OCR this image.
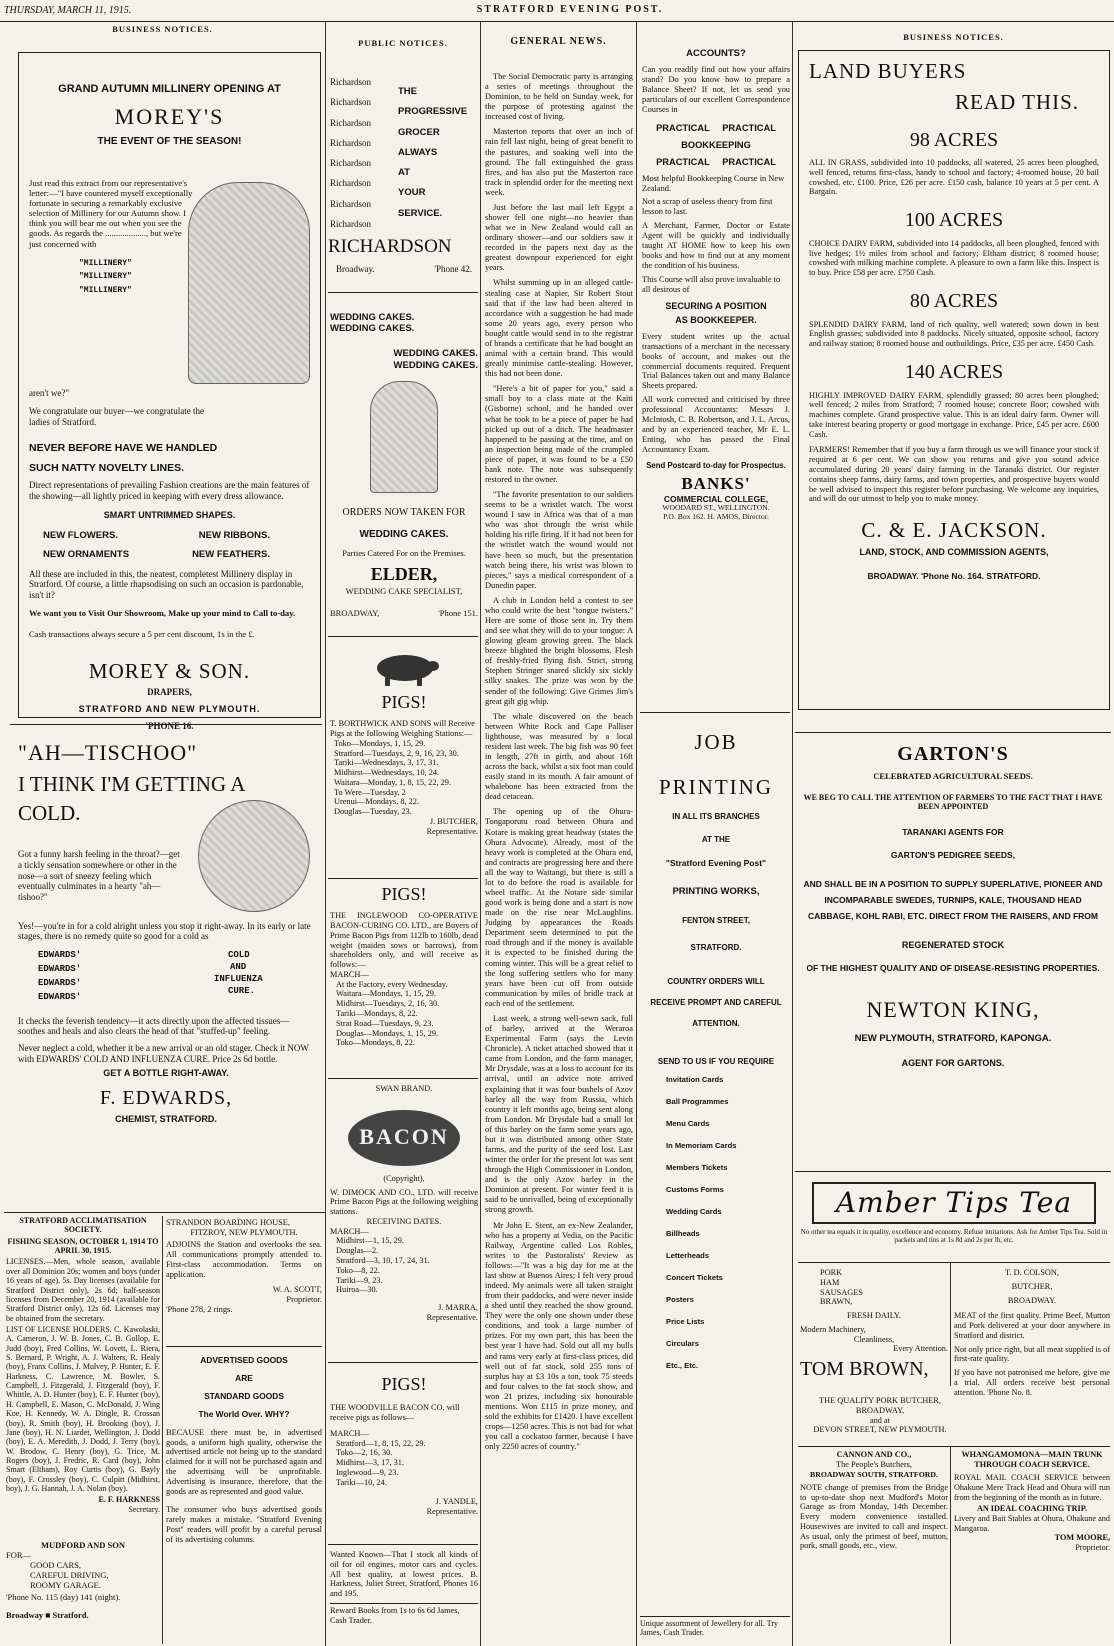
THURSDAY, MARCH 11, 1915.	STRATFORD EVENING POST.
BUSINESS NOTICES.
GRAND AUTUMN MILLINERY OPENING AT
MOREY'S
THE EVENT OF THE SEASON!
Just read this extract from our representative's letter:—"I have countered myself exceptionally fortunate in securing a remarkably exclusive selection of Millinery for our Autumn show. I think you will bear me out when you see the goods. As regards the ..................., but we're just concerned with
"MILLINERY"
"MILLINERY"
"MILLINERY"
aren't we?"
We congratulate our buyer—we congratulate the ladies of Stratford.
NEVER BEFORE HAVE WE HANDLED
SUCH NATTY NOVELTY LINES.
Direct representations of prevailing Fashion creations are the main features of the showing—all lightly priced in keeping with every dress allowance.
SMART UNTRIMMED SHAPES.
NEW FLOWERS.	NEW RIBBONS.
NEW ORNAMENTS	NEW FEATHERS.
All these are included in this, the neatest, completest Millinery display in Stratford. Of course, a little rhapsodising on such an occasion is pardonable, isn't it?
We want you to Visit Our Showroom, Make up your mind to Call to-day.
Cash transactions always secure a 5 per cent discount, 1s in the £.
MOREY & SON.
DRAPERS,
STRATFORD AND NEW PLYMOUTH.
'PHONE 16.
"AH—TISCHOO"
I THINK I'M GETTING A
COLD.
Got a funny harsh feeling in the throat?—get a tickly sensation somewhere or other in the nose—a sort of sneezy feeling which eventually culminates in a hearty "ah—tishoo?"
Yes!—you're in for a cold alright unless you stop it right-away. In its early or late stages, there is no remedy quite so good for a cold as
EDWARDS'
EDWARDS'
EDWARDS'
EDWARDS'
COLD
AND
INFLUENZA
CURE.
It checks the feverish tendency—it acts directly upon the affected tissues—soothes and heals and also clears the head of that "stuffed-up" feeling.
Never neglect a cold, whether it be a new arrival or an old stager. Check it NOW with EDWARDS' COLD AND INFLUENZA CURE. Price 2s 6d bottle.
GET A BOTTLE RIGHT-AWAY.
F. EDWARDS,
CHEMIST, STRATFORD.
STRATFORD ACCLIMATISATION SOCIETY.
FISHING SEASON, OCTOBER 1, 1914 TO APRIL 30, 1915.
LICENSES.—Men, whole season, available over all Dominion 20s; women and boys (under 16 years of age), 5s. Day licenses (available for Stratford District only), 2s 6d; half-season licenses from December 20, 1914 (available for Stratford District only), 12s 6d. Licenses may be obtained from the secretary.
LIST OF LICENSE HOLDERS. C. Kawolaski, A. Cameron, J. W. B. Jones, C. B. Gollop, E. Judd (boy), Fred Collins, W. Lovett, L. Riera, S. Bernard, P. Wright, A. J. Walters, R. Healy (boy), Franx Collins, J. Mulvey, P. Hunter, E. F. Harkness, C. Lawrence, M. Bowler, S. Campbell, J. Fitzgerald, J. Fitzgerald (boy), F. Whittle, A. D. Hunter (boy), E. F. Hunter (boy), H. Campbell, E. Mason, C. McDonald, J. Wing Koe, H. Kennedy, W. A. Dingle, R. Crossan (boy), R. Smith (boy), H. Brooking (boy), J. Jane (boy), H. N. Liardet, Wellington, J. Dodd (boy), E. A. Meredith, J. Dodd, J. Terry (boy), W. Brodow, C. Henry (boy), G. Trice, M. Rogers (boy), J. Fredric, R. Card (boy), John Smart (Eltham), Roy Curtis (boy), G. Bayly (boy), F. Crossley (boy), C. Culpitt (Midhirst, boy), J. G. Hannah, J. A. Nolan (boy).
E. F. HARKNESS
Secretary.
MUDFORD AND SON
FOR—
GOOD CARS,
CAREFUL DRIVING,
ROOMY GARAGE.
'Phone No. 115 (day) 141 (night).
Broadway ■ Stratford.
STRANDON BOARDING HOUSE,
FITZROY, NEW PLYMOUTH.
ADJOINS the Station and overlooks the sea. All communications promptly attended to. First-class accommodation. Terms on application.
W. A. SCOTT,
Proprietor.
'Phone 278, 2 rings.
ADVERTISED GOODS
ARE
STANDARD GOODS
The World Over. WHY?
BECAUSE there must be, in advertised goods, a uniform high quality, otherwise the advertised article not being up to the standard claimed for it will not be purchased again and the advertising will be unprofitable. Advertising is insurance, therefore, that the goods are as represented and good value.
The consumer who buys advertised goods rarely makes a mistake. "Stratford Evening Post" readers will profit by a careful perusal of its advertising columns.
PUBLIC NOTICES.
Richardson
Richardson
Richardson
Richardson
Richardson
Richardson
Richardson
Richardson
THE
PROGRESSIVE
GROCER
ALWAYS
AT
YOUR
SERVICE.
RICHARDSON
Broadway.	'Phone 42.
WEDDING CAKES.
WEDDING CAKES.
WEDDING CAKES.
WEDDING CAKES.
ORDERS NOW TAKEN FOR
WEDDING CAKES.
Parties Catered For on the Premises.
ELDER,
WEDDING CAKE SPECIALIST,
BROADWAY,	'Phone 151.
PIGS!
T. BORTHWICK AND SONS will Receive Pigs at the following Weighing Stations:—
Toko—Mondays, 1, 15, 29.
Stratford—Tuesdays, 2, 9, 16, 23, 30.
Tariki—Wednesdays, 3, 17, 31.
Midhirst—Wednesdays, 10, 24.
Waitara—Monday, 1, 8, 15, 22, 29.
To Were—Tuesday, 2
Urenui—Mondays, 8, 22.
Douglas—Tuesday, 23.
J. BUTCHER,
Representative.
PIGS!
THE INGLEWOOD CO-OPERATIVE BACON-CURING CO. LTD., are Buyers of Prime Bacon Pigs from 112lb to 160lb, dead weight (maiden sows or barrows), from shareholders only, and will receive as follows:—
MARCH—
At the Factory, every Wednesday.
Waitara—Mondays, 1, 15, 29.
Midhirst—Tuesdays, 2, 16, 30.
Tariki—Mondays, 8, 22.
Strat Road—Tuesdays, 9, 23.
Douglas—Mondays, 1, 15, 29.
Toko—Mondays, 8, 22.
SWAN BRAND.
BACON
(Copyright).
W. DIMOCK AND CO., LTD. will receive Prime Bacon Pigs at the following weighing stations.
RECEIVING DATES.
MARCH—
Midhirst—1, 15, 29.
Douglas—2.
Stratford—3, 10, 17, 24, 31.
Toko—8, 22.
Tariki—9, 23.
Huiroa—30.
J. MARRA,
Representative.
PIGS!
THE WOODVILLE BACON CO. will receive pigs as follows—
MARCH—
Stratford—1, 8, 15, 22, 29.
Toko—2, 16, 30.
Midhirst—3, 17, 31.
Inglewood—9, 23.
Tariki—10, 24.
J. YANDLE,
Representative.
Wanted Known—That I stock all kinds of oil for oil engines, motor cars and cycles. All best quality, at lowest prices. B. Harkness, Juliet Street, Stratford, Phones 16 and 195.
Reward Books from 1s to 6s 6d James, Cash Trader.
GENERAL NEWS.

The Social Democratic party is arranging a series of meetings throughout the Dominion, to be held on Sunday week, for the purpose of protesting against the increased cost of living.

Masterton reports that over an inch of rain fell last night, being of great benefit to the pastures, and soaking well into the ground. The fall extinguished the grass fires, and has also put the Masterton race track in splendid order for the meeting next week.

Just before the last mail left Egypt a shower fell one night—no heavier than what we in New Zealand would call an ordinary shower—and our soldiers saw it recorded in the papers next day as the greatest downpour experienced for eight years.

Whilst summing up in an alleged cattle-stealing case at Napier, Sir Robert Stout said that if the law had been altered in accordance with a suggestion he had made some 20 years ago, every person who bought cattle would send in to the registrar of brands a certificate that he had bought an animal with a certain brand. This would greatly minimise cattle-stealing. However, this had not been done.

"Here's a bit of paper for you," said a small boy to a class mate at the Kaiti (Gisborne) school, and he handed over what he took to be a piece of paper he had picked up out of a ditch. The headmaster happened to be passing at the time, and on an inspection being made of the crumpled piece of paper, it was found to be a £50 bank note. The note was subsequently restored to the owner.

"The favorite presentation to our soldiers seems to be a wristlet watch. The worst wound I saw in Africa was that of a man who was shot through the wrist while holding his rifle firing. If it had not been for the wristlet watch the wound would not have been so much, but the presentation watch being there, his wrist was blown to pieces," says a medical correspondent of a Dunedin paper.

A club in London held a contest to see who could write the best "tongue twisters." Here are some of those sent in. Try them and see what they will do to your tongue: A glowing gleam growing green. The black breeze blighted the bright blossoms. Flesh of freshly-fried flying fish. Strict, strong Stephen Stringer snared slickly six sickly silky snakes. The prize was won by the sender of the following: Give Grimes Jim's great gilt gig whip.

The whale discovered on the beach between White Rock and Cape Palliser lighthouse, was measured by a local resident last week. The big fish was 90 feet in length, 27ft in girth, and about 16ft across the back, whilst a six foot man could easily stand in its mouth. A fair amount of whalebone has been extracted from the dead cetacean.

The opening up of the Ohura-Tongaporutu road between Ohura and Kotare is making great headway (states the Ohura Advocate). Already, most of the heavy work is completed at the Ohura end, and contracts are progressing here and there all the way to Waitangi, but there is still a lot to do before the road is available for wheel traffic. At the Notare side similar good work is being done and a start is now made on the rise near McLaughlins. Judging by appearances the Roads Department seem determined to put the road through and if the money is available it is expected to be finished during the coming winter. This will be a great relief to the long suffering settlers who for many years have been cut off from outside communication by miles of bridle track at each end of the settlement.

Last week, a strong well-sewn sack, full of barley, arrived at the Weraroa Experimental Farm (says the Levin Chronicle). A ticket attached showed that it came from London, and the farm manager, Mr Drysdale, was at a loss to account for its arrival, until an advice note arrived explaining that it was four bushels of Azov barley all the way from Russia, which country it left months ago, being sent along from London. Mr Drysdale had a small lot of this barley on the farm some years ago, but it was distributed among other State farms, and the purity of the seed lost. Last winter the order for the present lot was sent through the High Commissioner in London, and is the only Azov barley in the Dominion at present. For winter feed it is said to be unrivalled, being of exceptionally strong growth.

Mr John E. Stent, an ex-New Zealander, who has a property at Vedia, on the Pacific Railway, Argentine called Los Robles, writes to the Pastoralists' Review as follows:—"It was a big day for me at the last show at Buenos Aires; I felt very proud indeed. My animals were all taken straight from their paddocks, and were never inside a shed until they reached the show ground. They were the only one shown under these conditions, and took a large number of prizes. For my own part, this has been the best year I have had. Sold out all my bulls and rams very early at first-class prices, did well out of fat stock, sold 255 tons of surplus hay at £3 10s a ton, took 75 steeds and four calves to the fat stock show, and won 21 prizes, including six honourable mentions. Won £115 in prize money, and sold the exhibits for £1420. I have excellent crops—1250 acres. This is not bad for what you call a cockatoo farmer, because I have only 2250 acres of country."

ACCOUNTS?
Can you readily find out how your affairs stand? Do you know how to prepare a Balance Sheet? If not, let us send you particulars of our excellent Correspondence Courses in
PRACTICAL PRACTICAL
BOOKKEEPING
PRACTICAL PRACTICAL
Most helpful Bookkeeping Course in New Zealand.
Not a scrap of useless theory from first lesson to last.
A Merchant, Farmer, Doctor or Estate Agent will be quickly and individually taught AT HOME how to keep his own books and how to find out at any moment the condition of his business.
This Course will also prove invaluable to all desirous of
SECURING A POSITION
AS BOOKKEEPER.
Every student writes up the actual transactions of a merchant in the necessary books of account, and makes out the commercial documents required. Frequent Trial Balances taken out and many Balance Sheets prepared.
All work corrected and criticised by three professional Accountants: Messrs J. McIntosh, C. B. Robertson, and J. L. Arcus, and by an experienced teacher, Mr E. L. Enting, who has passed the Final Accountancy Exam.
Send Postcard to-day for Prospectus.
BANKS'
COMMERCIAL COLLEGE,
WOODARD ST., WELLINGTON.
P.O. Box 162. H. AMOS, Director.
JOB
PRINTING
IN ALL ITS BRANCHES
AT THE
"Stratford Evening Post"
PRINTING WORKS,
FENTON STREET,
STRATFORD.
COUNTRY ORDERS WILL
RECEIVE PROMPT AND CAREFUL
ATTENTION.
SEND TO US IF YOU REQUIRE
Invitation Cards
Ball Programmes
Menu Cards
In Memoriam Cards
Members Tickets
Customs Forms
Wedding Cards
Billheads
Letterheads
Concert Tickets
Posters
Price Lists
Circulars
Etc., Etc.
Unique assortment of Jewellery for all. Try James, Cash Trader.
BUSINESS NOTICES.
LAND BUYERS
READ THIS.
98 ACRES
ALL IN GRASS, subdivided into 10 paddocks, all watered, 25 acres been ploughed, well fenced, returns first-class, handy to school and factory; 4-roomed house, 20 bail cowshed, etc. £100. Price, £26 per acre. £150 cash, balance 10 years at 5 per cent. A Bargain.
100 ACRES
CHOICE DAIRY FARM, subdivided into 14 paddocks, all been ploughed, fenced with live hedges; 1½ miles from school and factory; Eltham district; 8 roomed house; cowshed with milking machine complete. A pleasure to own a farm like this. Inspect is to buy. Price £58 per acre. £750 Cash.
80 ACRES
SPLENDID DAIRY FARM, land of rich quality, well watered; sown down in best English grasses; subdivided into 8 paddocks. Nicely situated, opposite school, factory and railway station; 8 roomed house and outbuildings. Price, £35 per acre. £450 Cash.
140 ACRES
HIGHLY IMPROVED DAIRY FARM, splendidly grassed; 80 acres been ploughed; well fenced; 2 miles from Stratford; 7 roomed house; concrete floor; cowshed with machines complete. Grand prospective value. This is an ideal dairy farm. Owner will take interest bearing property or good mortgage in exchange. Price, £45 per acre. £600 Cash.
FARMERS! Remember that if you buy a farm through us we will finance your stock if required at 6 per cent. We can show you returns and give you sound advice accumulated during 20 years' dairy farming in the Taranaki district. Our register contains sheep farms, dairy farms, and town properties, and prospective buyers would be well advised to inspect this register before purchasing. We welcome any inquiries, and will do our utmost to help you to make money.
C. & E. JACKSON.
LAND, STOCK, AND COMMISSION AGENTS,
BROADWAY. 'Phone No. 164. STRATFORD.
GARTON'S
CELEBRATED AGRICULTURAL SEEDS.
WE BEG TO CALL THE ATTENTION OF FARMERS TO THE FACT THAT I HAVE BEEN APPOINTED
TARANAKI AGENTS FOR
GARTON'S PEDIGREE SEEDS,
AND SHALL BE IN A POSITION TO SUPPLY SUPERLATIVE, PIONEER AND INCOMPARABLE SWEDES, TURNIPS, KALE, THOUSAND HEAD CABBAGE, KOHL RABI, ETC. DIRECT FROM THE RAISERS, AND FROM
REGENERATED STOCK
OF THE HIGHEST QUALITY AND OF DISEASE-RESISTING PROPERTIES.
NEWTON KING,
NEW PLYMOUTH, STRATFORD, KAPONGA.
AGENT FOR GARTONS.
Amber Tips Tea
No other tea equals it in quality, excellence and economy. Refuse imitations. Ask for Amber Tips Tea. Sold in packets and tins at 1s 8d and 2s per lb, etc.
PORK
HAM
SAUSAGES
BRAWN,
FRESH DAILY.
Modern Machinery,
Cleanliness,
Every Attention.
TOM BROWN,
THE QUALITY PORK BUTCHER,
BROADWAY,
and at
DEVON STREET, NEW PLYMOUTH.
T. D. COLSON,
BUTCHER,
BROADWAY.
MEAT of the first quality. Prime Beef, Mutton and Pork delivered at your door anywhere in Stratford and district.
Not only price right, but all meat supplied is of first-rate quality.
If you have not patronised me before, give me a trial. All orders receive best personal attention. 'Phone No. 8.
CANNON AND CO.,
The People's Butchers,
BROADWAY SOUTH, STRATFORD.
NOTE change of premises from the Bridge to up-to-date shop next Mudford's Motor Garage as from Monday, 14th December. Every modern convenience installed. Housewives are invited to call and inspect. As usual, only the primest of beef, mutton, pork, small goods, etc., view.
WHANGAMOMONA—MAIN TRUNK THROUGH COACH SERVICE.
ROYAL MAIL COACH SERVICE between Ohakune Mere Track Head and Ohura will run from the beginning of the month as in future.
AN IDEAL COACHING TRIP.
Livery and Bait Stables at Ohura, Ohakune and Mangaroa.
TOM MOORE,
Proprietor.
